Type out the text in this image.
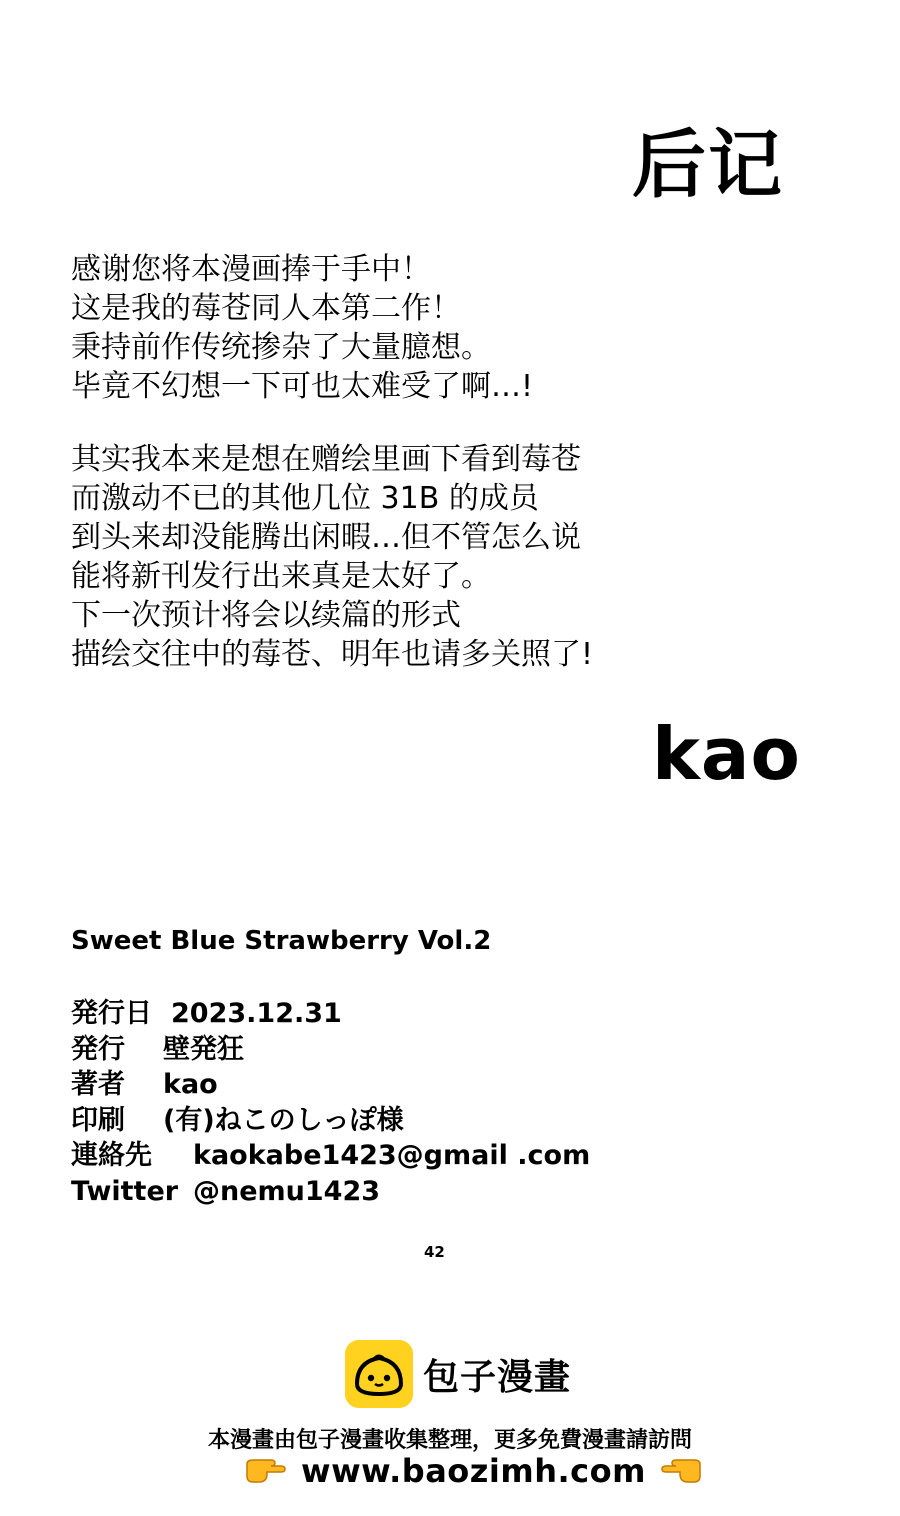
后记
感谢您将本漫画捧于手中！
这是我的莓苍同人本第二作！
秉持前作传统掺杂了大量臆想。
毕竟不幻想一下可也太难受了啊…!
其实我本来是想在赠绘里画下看到莓苍
而激动不已的其他几位 31B 的成员
到头来却没能腾出闲暇…但不管怎么说
能将新刊发行出来真是太好了。
下一次预计将会以续篇的形式
描绘交往中的莓苍、明年也请多关照了!
kao
Sweet Blue Strawberry Vol.2
発行日 2023.12.31
発行	壁発狂
著者	kao
印刷	(有)ねこのしっぽ様
連絡先	kaokabe1423@gmail .com
Twitter @nemu1423
42
包子漫畫
本漫畫由包子漫畫收集整理，更多免費漫畫請訪問
www.baozimh.com
